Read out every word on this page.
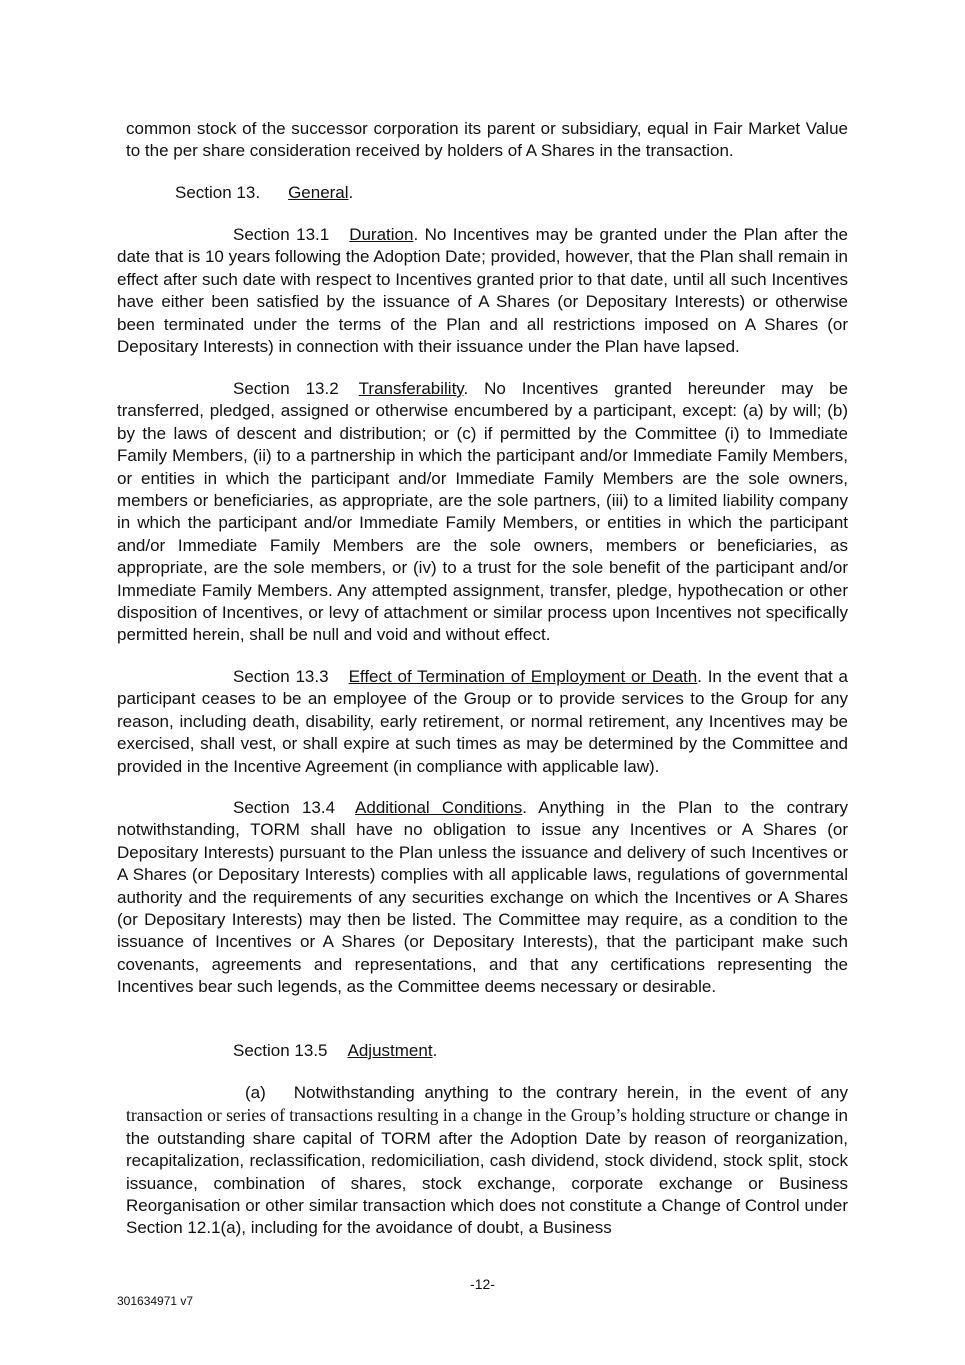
common stock of the successor corporation its parent or subsidiary, equal in Fair Market Value to the per share consideration received by holders of A Shares in the transaction.

Section 13. General.

Section 13.1 Duration. No Incentives may be granted under the Plan after the date that is 10 years following the Adoption Date; provided, however, that the Plan shall remain in effect after such date with respect to Incentives granted prior to that date, until all such Incentives have either been satisfied by the issuance of A Shares (or Depositary Interests) or otherwise been terminated under the terms of the Plan and all restrictions imposed on A Shares (or Depositary Interests) in connection with their issuance under the Plan have lapsed.

Section 13.2 Transferability. No Incentives granted hereunder may be transferred, pledged, assigned or otherwise encumbered by a participant, except: (a) by will; (b) by the laws of descent and distribution; or (c) if permitted by the Committee (i) to Immediate Family Members, (ii) to a partnership in which the participant and/or Immediate Family Members, or entities in which the participant and/or Immediate Family Members are the sole owners, members or beneficiaries, as appropriate, are the sole partners, (iii) to a limited liability company in which the participant and/or Immediate Family Members, or entities in which the participant and/or Immediate Family Members are the sole owners, members or beneficiaries, as appropriate, are the sole members, or (iv) to a trust for the sole benefit of the participant and/or Immediate Family Members. Any attempted assignment, transfer, pledge, hypothecation or other disposition of Incentives, or levy of attachment or similar process upon Incentives not specifically permitted herein, shall be null and void and without effect.

Section 13.3 Effect of Termination of Employment or Death. In the event that a participant ceases to be an employee of the Group or to provide services to the Group for any reason, including death, disability, early retirement, or normal retirement, any Incentives may be exercised, shall vest, or shall expire at such times as may be determined by the Committee and provided in the Incentive Agreement (in compliance with applicable law).

Section 13.4 Additional Conditions. Anything in the Plan to the contrary notwithstanding, TORM shall have no obligation to issue any Incentives or A Shares (or Depositary Interests) pursuant to the Plan unless the issuance and delivery of such Incentives or A Shares (or Depositary Interests) complies with all applicable laws, regulations of governmental authority and the requirements of any securities exchange on which the Incentives or A Shares (or Depositary Interests) may then be listed. The Committee may require, as a condition to the issuance of Incentives or A Shares (or Depositary Interests), that the participant make such covenants, agreements and representations, and that any certifications representing the Incentives bear such legends, as the Committee deems necessary or desirable.

Section 13.5 Adjustment.

(a) Notwithstanding anything to the contrary herein, in the event of any transaction or series of transactions resulting in a change in the Group’s holding structure or change in the outstanding share capital of TORM after the Adoption Date by reason of reorganization, recapitalization, reclassification, redomiciliation, cash dividend, stock dividend, stock split, stock issuance, combination of shares, stock exchange, corporate exchange or Business Reorganisation or other similar transaction which does not constitute a Change of Control under Section 12.1(a), including for the avoidance of doubt, a Business

-12-
301634971 v7
